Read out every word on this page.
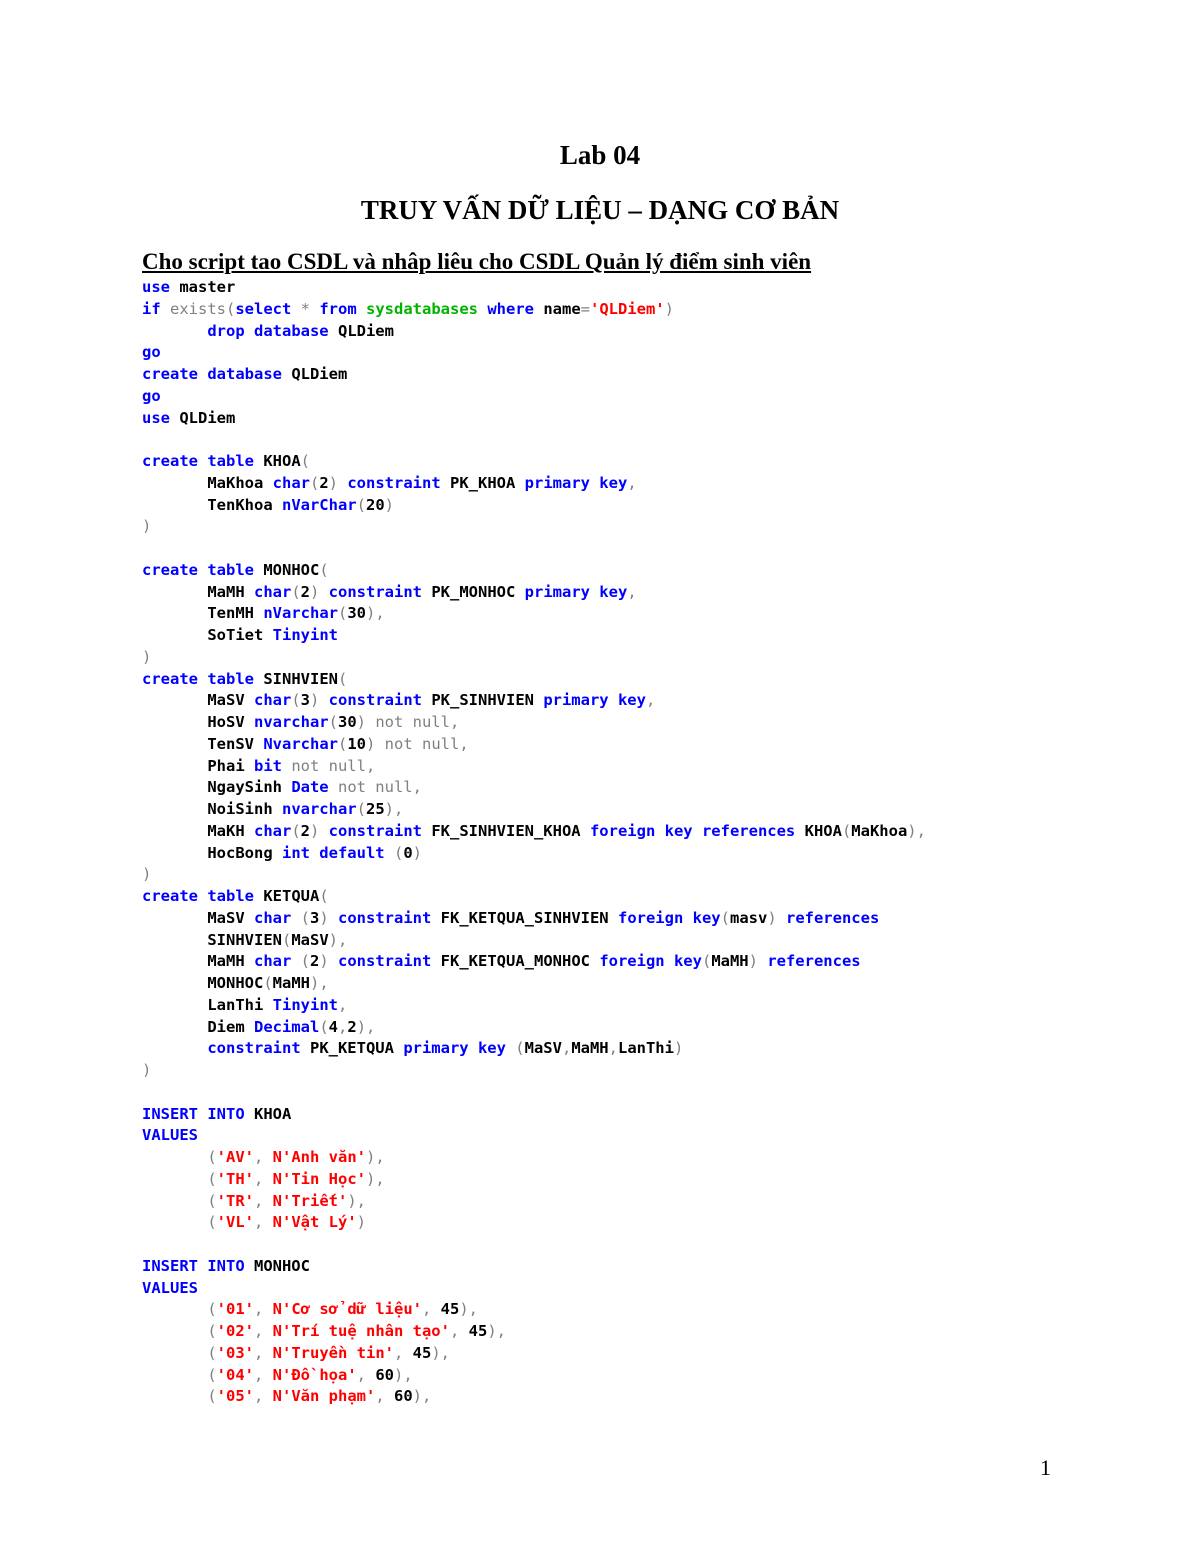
Lab 04
TRUY VẤN DỮ LIỆU – DẠNG CƠ BẢN
Cho script tao CSDL và nhâp liêu cho CSDL Quản lý điểm sinh viên
use master
if exists(select * from sysdatabases where name='QLDiem')
drop database QLDiem
go
create database QLDiem
go
use QLDiem
create table KHOA(
MaKhoa char(2) constraint PK_KHOA primary key,
TenKhoa nVarChar(20)
)
create table MONHOC(
MaMH char(2) constraint PK_MONHOC primary key,
TenMH nVarchar(30),
SoTiet Tinyint
)
create table SINHVIEN(
MaSV char(3) constraint PK_SINHVIEN primary key,
HoSV nvarchar(30) not null,
TenSV Nvarchar(10) not null,
Phai bit not null,
NgaySinh Date not null,
NoiSinh nvarchar(25),
MaKH char(2) constraint FK_SINHVIEN_KHOA foreign key references KHOA(MaKhoa),
HocBong int default (0)
)
create table KETQUA(
MaSV char (3) constraint FK_KETQUA_SINHVIEN foreign key(masv) references
SINHVIEN(MaSV),
MaMH char (2) constraint FK_KETQUA_MONHOC foreign key(MaMH) references
MONHOC(MaMH),
LanThi Tinyint,
Diem Decimal(4,2),
constraint PK_KETQUA primary key (MaSV,MaMH,LanThi)
)
INSERT INTO KHOA
VALUES
('AV', N'Anh văn'),
('TH', N'Tin Học'),
('TR', N'Triết'),
('VL', N'Vật Lý')
INSERT INTO MONHOC
VALUES
('01', N'Cơ sở dữ liệu', 45),
('02', N'Trí tuệ nhân tạo', 45),
('03', N'Truyền tin', 45),
('04', N'Đồ họa', 60),
('05', N'Văn phạm', 60),
1
